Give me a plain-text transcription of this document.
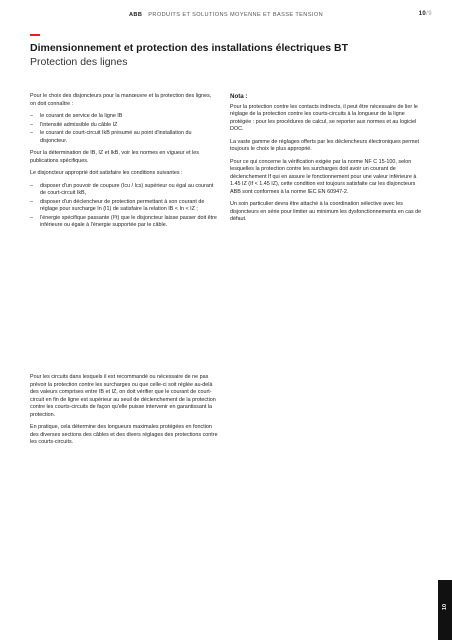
ABB PRODUITS ET SOLUTIONS MOYENNE ET BASSE TENSION	10/9
Dimensionnement et protection des installations électriques BT
Protection des lignes

Pour le choix des disjoncteurs pour la manœuvre et la protection des lignes, on doit connaître :

– le courant de service de la ligne IB
– l'intensité admissible du câble IZ
– le courant de court-circuit IkB présumé au point d'installation du disjoncteur.

Pour la détermination de IB, IZ et IkB, voir les normes en vigueur et les publications spécifiques.

Le disjoncteur approprié doit satisfaire les conditions suivantes :

– disposer d'un pouvoir de coupure (Icu / Ics) supérieur ou égal au courant de court-circuit IkB,
– disposer d'un déclencheur de protection permettant à son courant de réglage pour surcharge In (I1) de satisfaire la relation IB < In < IZ ;
– l'énergie spécifique passante (I²t) que le disjoncteur laisse passer doit être inférieure ou égale à l'énergie supportée par le câble.

Pour les circuits dans lesquels il est recommandé ou nécessaire de ne pas prévoir la protection contre les surcharges ou que celle-ci soit réglée au-delà des valeurs comprises entre IB et IZ, on doit vérifier que le courant de court-circuit en fin de ligne est supérieur au seuil de déclenchement de la protection contre les courts-circuits de façon qu'elle puisse intervenir en garantissant la protection.

En pratique, cela détermine des longueurs maximales protégées en fonction des diverses sections des câbles et des divers réglages des protections contre les courts-circuits.

Nota :

Pour la protection contre les contacts indirects, il peut être nécessaire de lier le réglage de la protection contre les courts-circuits à la longueur de la ligne protégée : pour les procédures de calcul, se reporter aux normes et au logiciel DOC.

La vaste gamme de réglages offerts par les déclencheurs électroniques permet toujours le choix le plus approprié.

Pour ce qui concerne la vérification exigée par la norme NF C 15-100, selon lesquelles la protection contre les surcharges doit avoir un courant de déclenchement If qui en assure le fonctionnement pour une valeur inférieure à 1.45 IZ (If < 1.45 IZ), cette condition est toujours satisfaite car les disjoncteurs ABB sont conformes à la norme IEC EN 60947-2.

Un soin particulier devra être attaché à la coordination sélective avec les disjoncteurs en série pour limiter au minimum les dysfonctionnements en cas de défaut.

10
